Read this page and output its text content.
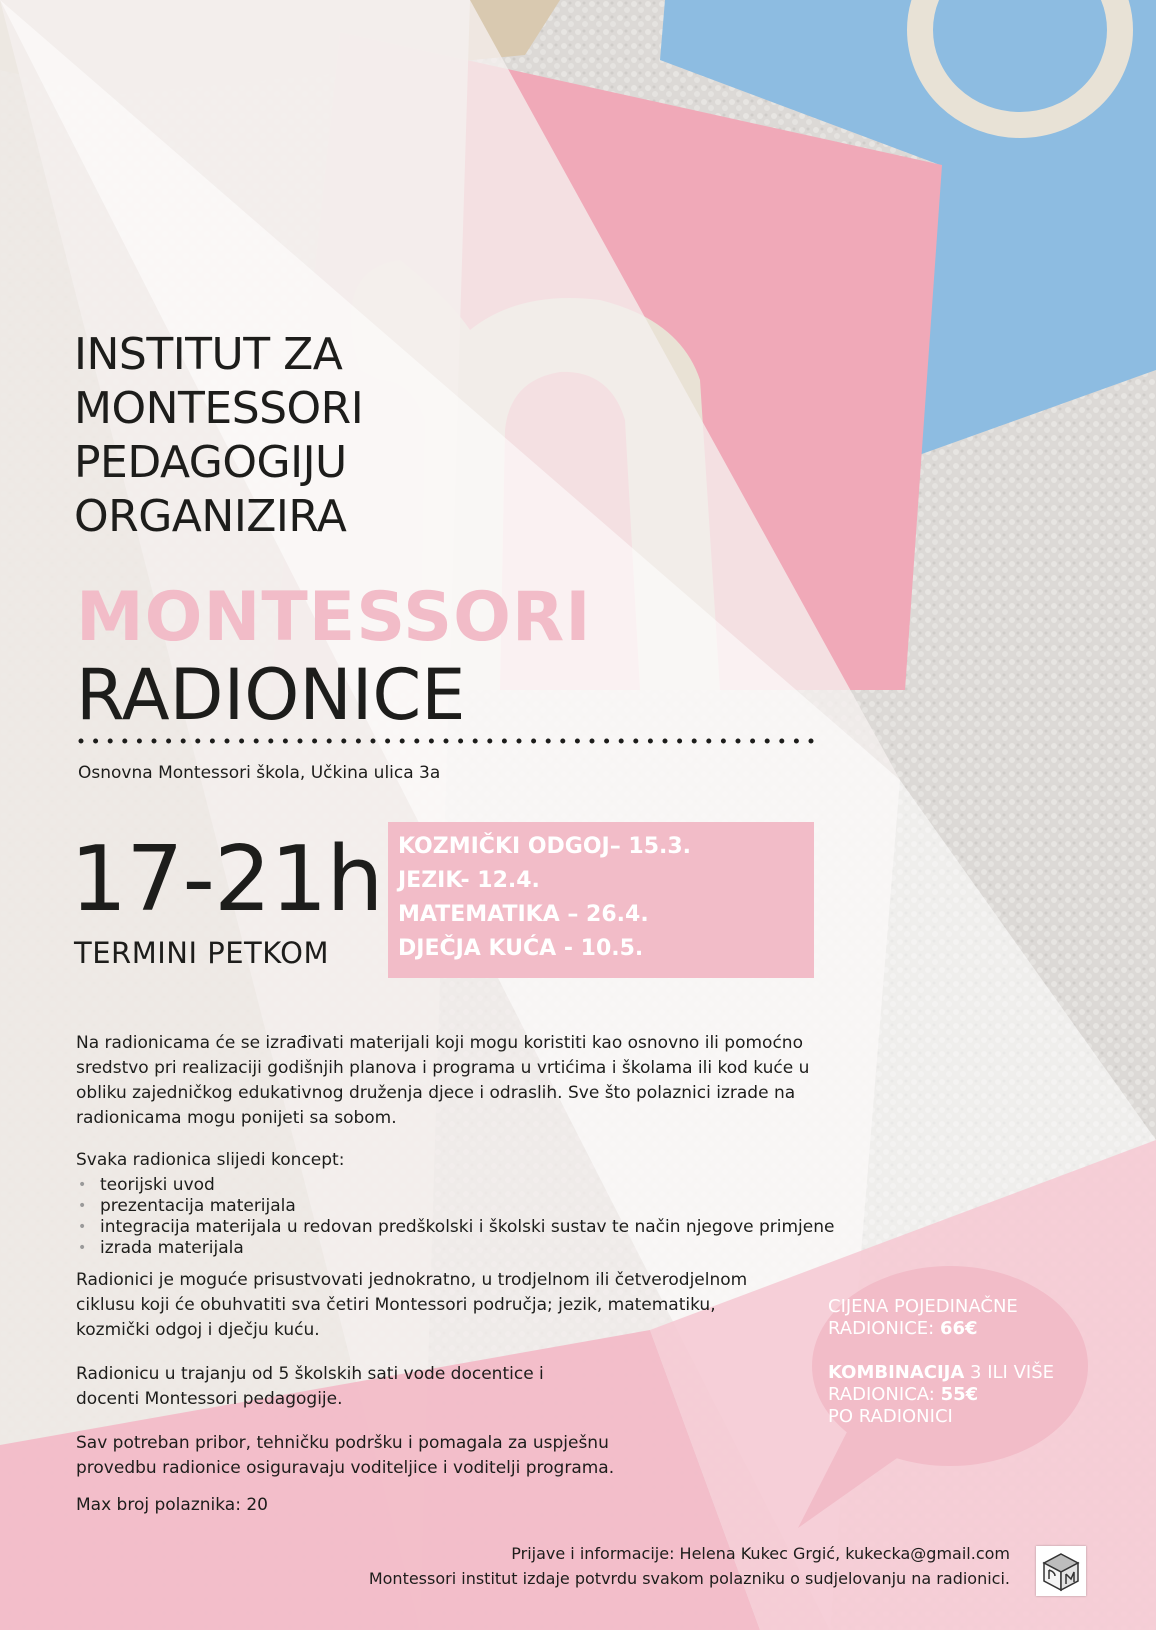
INSTITUT ZA
MONTESSORI
PEDAGOGIJU
ORGANIZIRA
MONTESSORI
RADIONICE
Osnovna Montessori škola, Učkina ulica 3a
17-21h
TERMINI PETKOM
KOZMIČKI ODGOJ– 15.3.
JEZIK- 12.4.
MATEMATIKA – 26.4.
DJEČJA KUĆA - 10.5.

Na radionicama će se izrađivati materijali koji mogu koristiti kao osnovno ili pomoćno sredstvo pri realizaciji godišnjih planova i programa u vrtićima i školama ili kod kuće u obliku zajedničkog edukativnog druženja djece i odraslih. Sve što polaznici izrade na radionicama mogu ponijeti sa sobom.

Svaka radionica slijedi koncept:

• teorijski uvod
• prezentacija materijala
• integracija materijala u redovan predškolski i školski sustav te način njegove primjene
• izrada materijala

Radionici je moguće prisustvovati jednokratno, u trodjelnom ili četverodjelnom ciklusu koji će obuhvatiti sva četiri Montessori područja; jezik, matematiku, kozmički odgoj i dječju kuću.

Radionicu u trajanju od 5 školskih sati vode docentice i docenti Montessori pedagogije.

Sav potreban pribor, tehničku podršku i pomagala za uspješnu provedbu radionice osiguravaju voditeljice i voditelji programa.

Max broj polaznika: 20

CIJENA POJEDINAČNE RADIONICE: 66€
KOMBINACIJA 3 ILI VIŠE RADIONICA: 55€
PO RADIONICI
Prijave i informacije: Helena Kukec Grgić, kukecka@gmail.com
Montessori institut izdaje potvrdu svakom polazniku o sudjelovanju na radionici.
